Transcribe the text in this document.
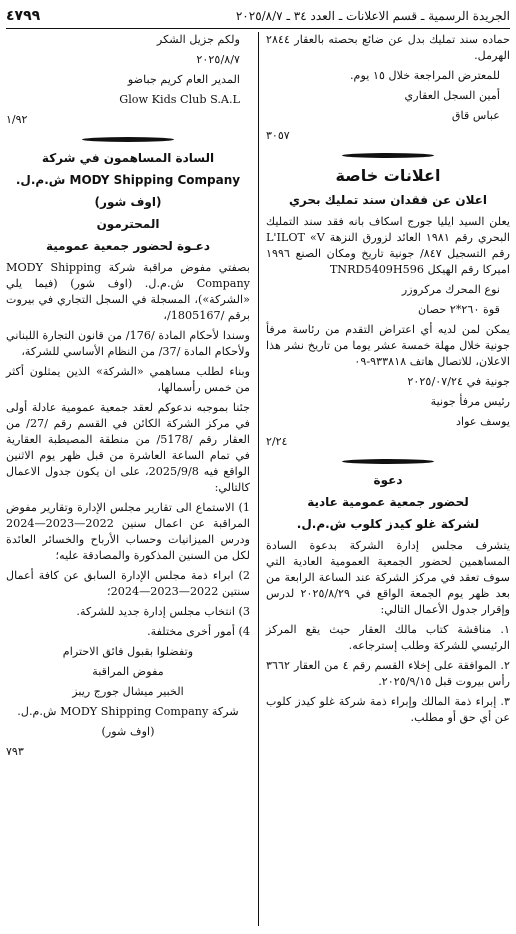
الجريدة الرسمية ـ قسم الاعلانات ـ العدد ٣٤ ـ ٢٠٢٥/٨/٧
٤٧٩٩

حماده سند تمليك بدل عن ضائع بحصته بالعقار ٢٨٤٤ الهرمل.

للمعترض المراجعة خلال ١٥ يوم.

أمين السجل العقاري

عباس قاق

٣٠٥٧
اعلانات خاصة
اعلان عن فقدان سند تمليك بحري

يعلن السيد ايليا جورج اسكاف بانه فقد سند التمليك البحري رقم ١٩٨١ العائد لزورق النزهة L'ILOT «V رقم التسجيل ٨٤٧/ جونية تاريخ ومكان الصنع ١٩٩٦ اميركا رقم الهيكل TNRD5409H596

نوع المحرك مركروزر

قوة ٢٦٠*٢ حصان

يمكن لمن لديه أي اعتراض التقدم من رئاسة مرفأ جونية خلال مهلة خمسة عشر يوما من تاريخ نشر هذا الاعلان، للاتصال هاتف ٩٣٣٨١٨-٠٩

جونية في ٢٠٢٥/٠٧/٢٤

رئيس مرفأ جونية

يوسف عواد

٢/٢٤
دعوة
لحضور جمعية عمومية عادية
لشركة غلو كيدز كلوب ش.م.ل.

يتشرف مجلس إدارة الشركة بدعوة السادة المساهمين لحضور الجمعية العمومية العادية التي سوف تعقد في مركز الشركة عند الساعة الرابعة من بعد ظهر يوم الجمعة الواقع في ٢٠٢٥/٨/٢٩ لدرس وإقرار جدول الأعمال التالي:

١. مناقشة كتاب مالك العقار حيث يقع المركز الرئيسي للشركة وطلب إسترجاعه.

٢. الموافقة على إخلاء القسم رقم ٤ من العقار ٣٦٦٢ رأس بيروت قبل ٢٠٢٥/٩/١٥.

٣. إبراء ذمة المالك وإبراء ذمة شركة غلو كيدز كلوب عن أي حق أو مطلب.

ولكم جزيل الشكر

٢٠٢٥/٨/٧

المدير العام كريم جباضو

Glow Kids Club S.A.L

١/٩٢
السادة المساهمون في شركة
MODY Shipping Company ش.م.ل.
(اوف شور)
المحترمون
دعـوة لحضور جمعية عمومية

بصفتي مفوض مراقبة شركة MODY Shipping Company ش.م.ل. (اوف شور) (فيما يلي «الشركة»)، المسجلة في السجل التجاري في بيروت برقم /1805167/،

وسندا لأحكام المادة /176/ من قانون التجارة اللبناني ولأحكام المادة /37/ من النظام الأساسي للشركة،

وبناء لطلب مساهمي «الشركة» الذين يمثلون أكثر من خمس رأسمالها،

جئنا بموجبه ندعوكم لعقد جمعية عمومية عادلة أولى في مركز الشركة الكائن في القسم رقم /27/ من العقار رقم /5178/ من منطقة المصيطبة العقارية في تمام الساعة العاشرة من قبل ظهر يوم الاثنين الواقع فيه 2025/9/8، على ان يكون جدول الاعمال كالتالي:

1) الاستماع الى تقارير مجلس الإدارة وتقارير مفوض المراقبة عن اعمال سنين 2022—2023—2024 ودرس الميزانيات وحساب الأرباح والخسائر العائدة لكل من السنين المذكورة والمصادقة عليه؛

2) ابراء ذمة مجلس الإدارة السابق عن كافة أعمال سنتين 2022—2023—2024؛

3) انتخاب مجلس إدارة جديد للشركة.

4) أمور أخرى مختلفة.

وتفضلوا بقبول فائق الاحترام

مفوض المراقبة

الخبير ميشال جورج ريبز

شركة MODY Shipping Company ش.م.ل.

(اوف شور)

٧٩٣
